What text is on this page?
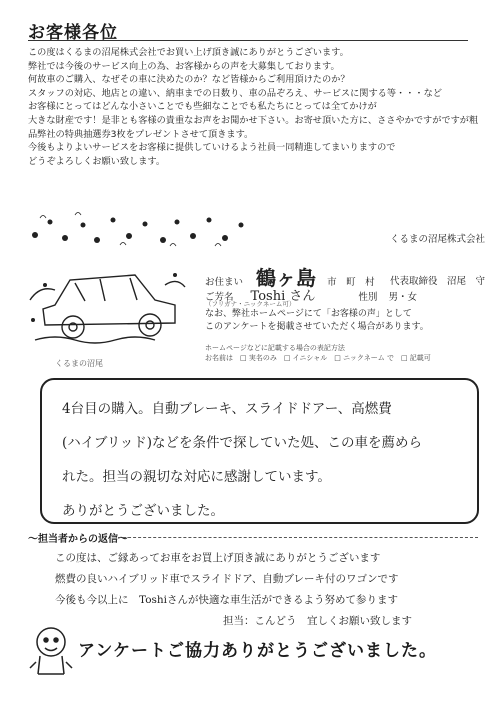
お客様各位
この度はくるまの沼尾株式会社でお買い上げ頂き誠にありがとうございます。
弊社では今後のサービス向上の為、お客様からの声を大募集しております。
何故車のご購入、なぜその車に決めたのか？など皆様からご利用頂けたのか？
スタッフの対応、地店との違い、納車までの日数り、車の品ぞろえ、サービスに関する等・・・など
お客様にとってはどんな小さいことでも些細なことでも私たちにとっては全てかけが
大きな財産です！是非とも客様の貴重なお声をお聞かせ下さい。お寄せ頂いた方に、ささやかですがですが粗品弊社の特典抽選券3枚をプレゼントさせて頂きます。
今後もよりよいサービスをお客様に提供していけるよう社員一同精進してまいりますので
どうぞよろしくお願い致します。
くるまの沼尾

くるまの沼尾株式会社

代表取締役　沼尾　守

お住まい 鶴ヶ島 市　町　村
ご芳名 Toshi さん	性別 男・女
（フリガナ・ニックネーム可）
なお、弊社ホームページにて「お客様の声」として
このアンケートを掲載させていただく場合があります。
ホームページなどに記載する場合の表記方法
お名前は　□ 実名のみ　□ イニシャル　□ ニックネーム で　□ 記載可
4台目の購入。自動ブレーキ、スライドドアー、高燃費
(ハイブリッド)などを条件で探していた処、この車を薦めら
れた。担当の親切な対応に感謝しています。
ありがとうございました。
～担当者からの返信～
この度は、ご縁あってお車をお買上げ頂き誠にありがとうございます
燃費の良いハイブリッド車でスライドドア、自動ブレーキ付のワゴンです
今後も今以上に　Toshiさんが快適な車生活ができるよう努めて参ります
　　　　　　　　　　　　　　　　担当：こんどう　宜しくお願い致します
アンケートご協力ありがとうございました。
